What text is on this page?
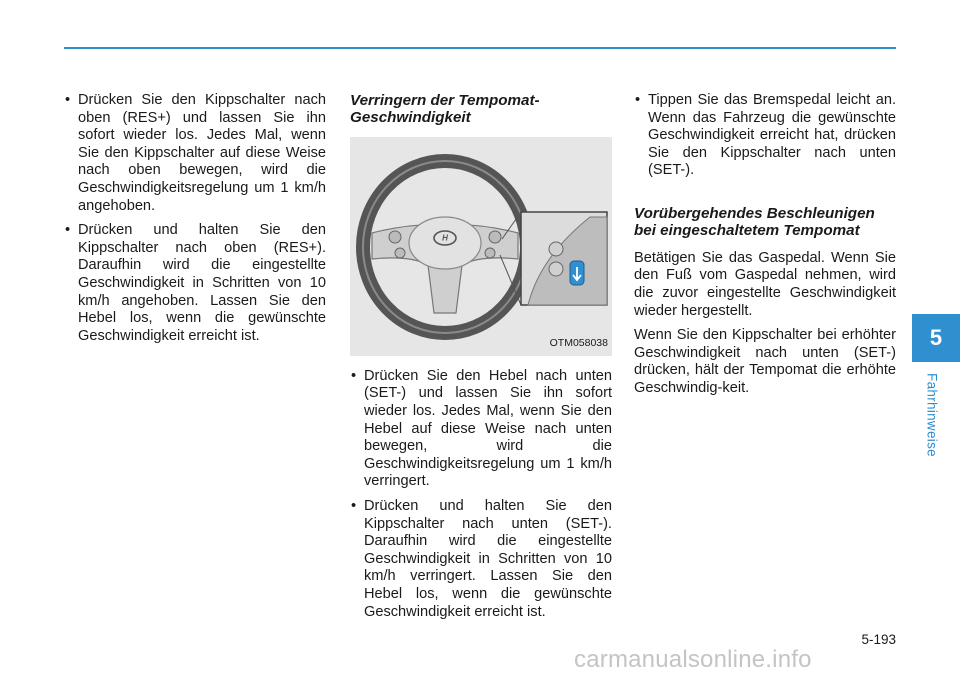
• Drücken Sie den Kippschalter nach oben (RES+) und lassen Sie ihn sofort wieder los. Jedes Mal, wenn Sie den Kippschalter auf diese Weise nach oben bewegen, wird die Geschwindigkeitsregelung um 1 km/h angehoben.
• Drücken und halten Sie den Kippschalter nach oben (RES+). Daraufhin wird die eingestellte Geschwindigkeit in Schritten von 10 km/h angehoben. Lassen Sie den Hebel los, wenn die gewünschte Geschwindigkeit erreicht ist.
Verringern der Tempomat-Geschwindigkeit
H
OTM058038
• Drücken Sie den Hebel nach unten (SET-) und lassen Sie ihn sofort wieder los. Jedes Mal, wenn Sie den Hebel auf diese Weise nach unten bewegen, wird die Geschwindigkeitsregelung um 1 km/h verringert.
• Drücken und halten Sie den Kippschalter nach unten (SET-). Daraufhin wird die eingestellte Geschwindigkeit in Schritten von 10 km/h verringert. Lassen Sie den Hebel los, wenn die gewünschte Geschwindigkeit erreicht ist.
• Tippen Sie das Bremspedal leicht an. Wenn das Fahrzeug die gewünschte Geschwindigkeit erreicht hat, drücken Sie den Kippschalter nach unten (SET-).
Vorübergehendes Beschleunigen bei eingeschaltetem Tempomat

Betätigen Sie das Gaspedal. Wenn Sie den Fuß vom Gaspedal nehmen, wird die zuvor eingestellte Geschwindigkeit wieder hergestellt.

Wenn Sie den Kippschalter bei erhöhter Geschwindigkeit nach unten (SET-) drücken, hält der Tempomat die erhöhte Geschwindig-keit.

5
Fahrhinweise
5-193
carmanualsonline.info
